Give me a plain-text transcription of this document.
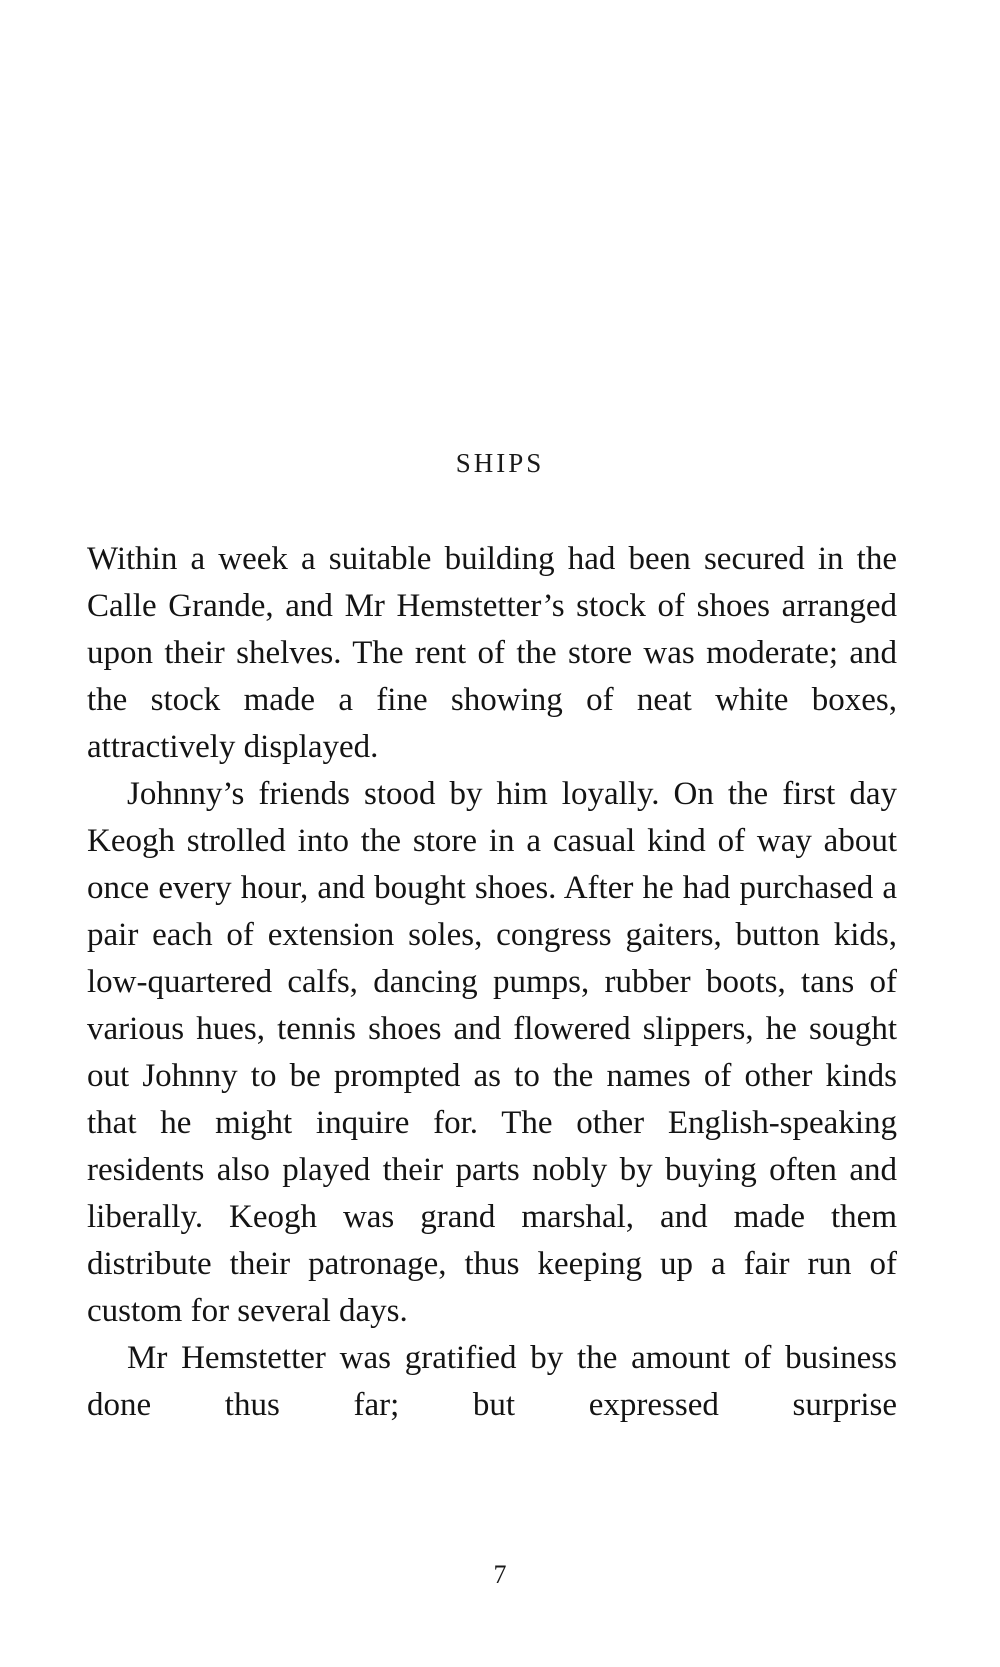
SHIPS

Within a week a suitable building had been secured in the Calle Grande, and Mr Hemstetter’s stock of shoes arranged upon their shelves. The rent of the store was moderate; and the stock made a fine showing of neat white boxes, attractively displayed.

Johnny’s friends stood by him loyally. On the first day Keogh strolled into the store in a casual kind of way about once every hour, and bought shoes. After he had purchased a pair each of extension soles, congress gaiters, button kids, low-quartered calfs, dancing pumps, rubber boots, tans of various hues, tennis shoes and flowered slippers, he sought out Johnny to be prompted as to the names of other kinds that he might inquire for. The other English-speaking residents also played their parts nobly by buying often and liberally. Keogh was grand marshal, and made them distribute their patronage, thus keeping up a fair run of custom for several days.

Mr Hemstetter was gratified by the amount of business done thus far; but expressed surprise

7
